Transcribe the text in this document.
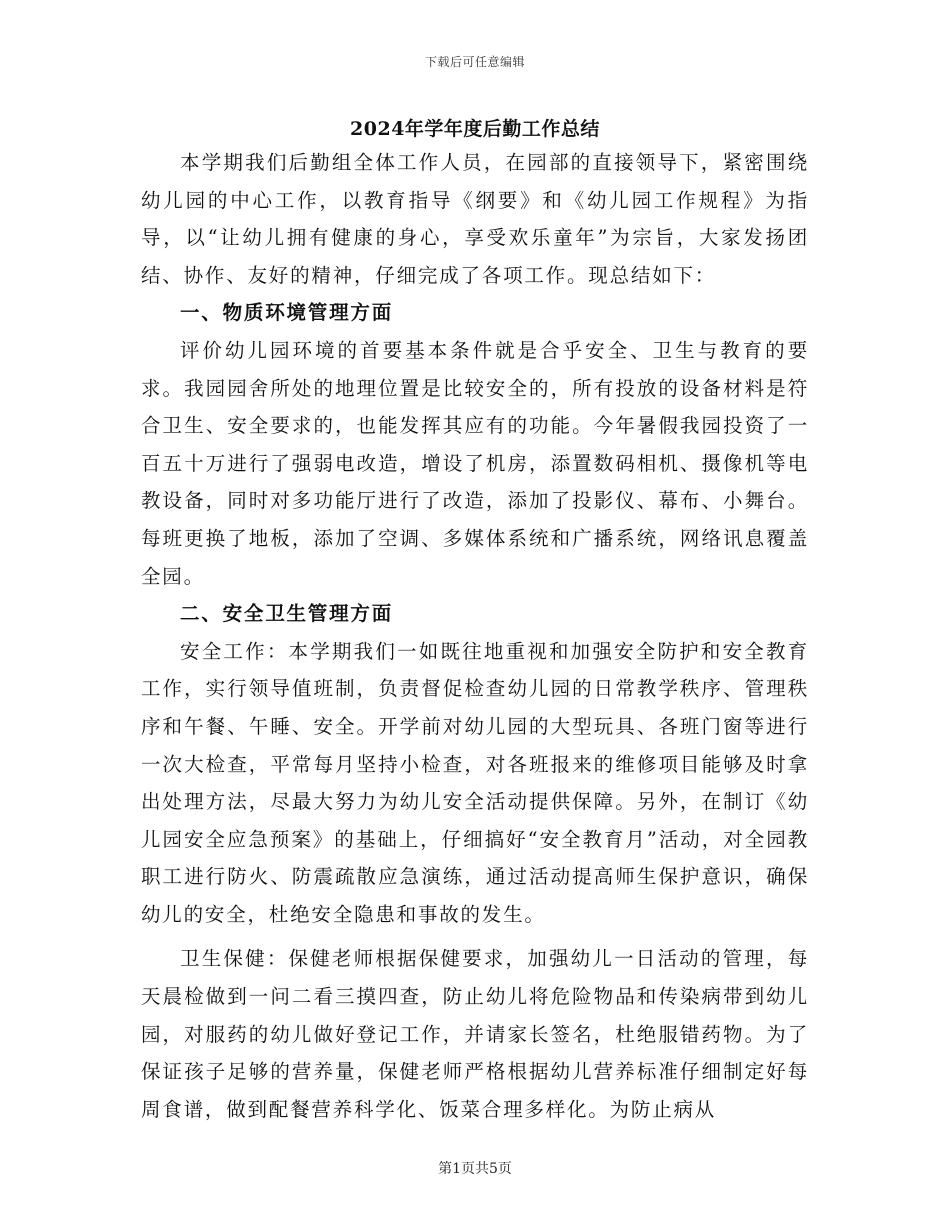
下载后可任意编辑
2024年学年度后勤工作总结

本学期我们后勤组全体工作人员，在园部的直接领导下，紧密围绕幼儿园的中心工作，以教育指导《纲要》和《幼儿园工作规程》为指导，以“让幼儿拥有健康的身心，享受欢乐童年”为宗旨，大家发扬团结、协作、友好的精神，仔细完成了各项工作。现总结如下：

一、物质环境管理方面

评价幼儿园环境的首要基本条件就是合乎安全、卫生与教育的要求。我园园舍所处的地理位置是比较安全的，所有投放的设备材料是符合卫生、安全要求的，也能发挥其应有的功能。今年暑假我园投资了一百五十万进行了强弱电改造，增设了机房，添置数码相机、摄像机等电教设备，同时对多功能厅进行了改造，添加了投影仪、幕布、小舞台。每班更换了地板，添加了空调、多媒体系统和广播系统，网络讯息覆盖全园。

二、安全卫生管理方面

安全工作：本学期我们一如既往地重视和加强安全防护和安全教育工作，实行领导值班制，负责督促检查幼儿园的日常教学秩序、管理秩序和午餐、午睡、安全。开学前对幼儿园的大型玩具、各班门窗等进行一次大检查，平常每月坚持小检查，对各班报来的维修项目能够及时拿出处理方法，尽最大努力为幼儿安全活动提供保障。另外，在制订《幼儿园安全应急预案》的基础上，仔细搞好“安全教育月”活动，对全园教职工进行防火、防震疏散应急演练，通过活动提高师生保护意识，确保幼儿的安全，杜绝安全隐患和事故的发生。

卫生保健：保健老师根据保健要求，加强幼儿一日活动的管理，每天晨检做到一问二看三摸四查，防止幼儿将危险物品和传染病带到幼儿园，对服药的幼儿做好登记工作，并请家长签名，杜绝服错药物。为了保证孩子足够的营养量，保健老师严格根据幼儿营养标准仔细制定好每周食谱，做到配餐营养科学化、饭菜合理多样化。为防止病从

第1页共5页
